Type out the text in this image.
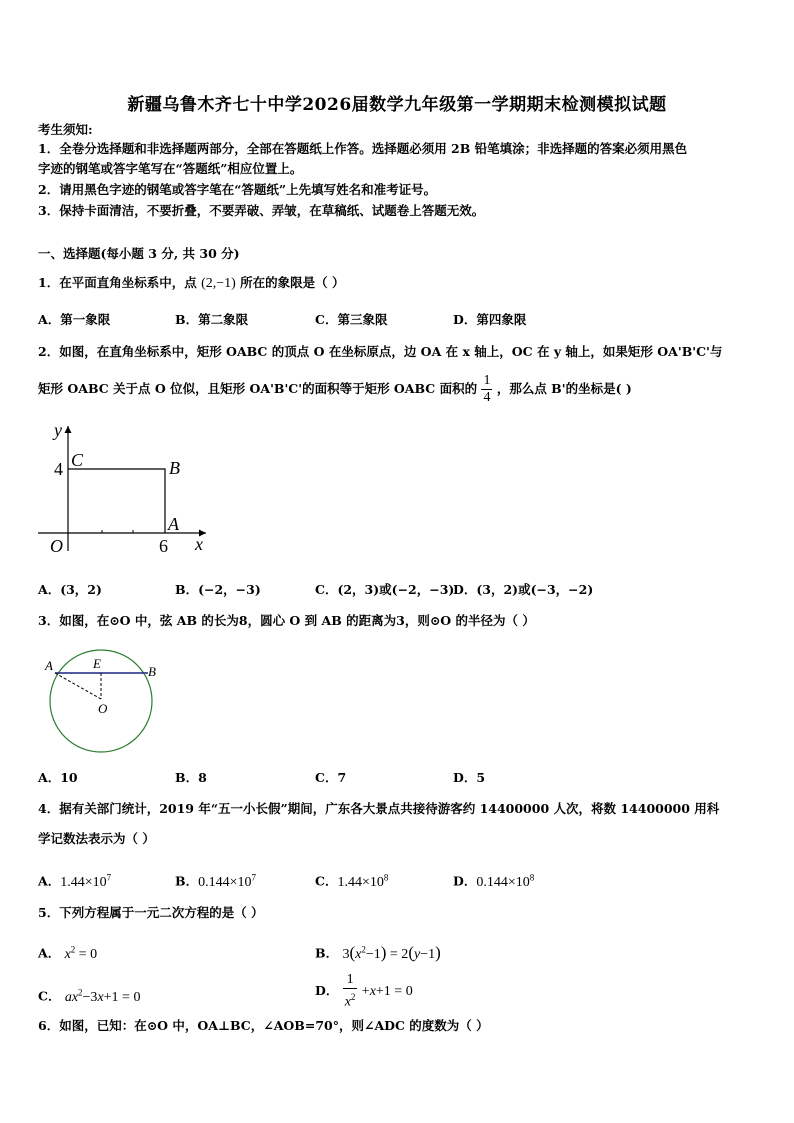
新疆乌鲁木齐七十中学2026届数学九年级第一学期期末检测模拟试题
考生须知:
1．全卷分选择题和非选择题两部分，全部在答题纸上作答。选择题必须用 2B 铅笔填涂；非选择题的答案必须用黑色
字迹的钢笔或答字笔写在“答题纸”相应位置上。
2．请用黑色字迹的钢笔或答字笔在“答题纸”上先填写姓名和准考证号。
3．保持卡面清洁，不要折叠，不要弄破、弄皱，在草稿纸、试题卷上答题无效。
一、选择题(每小题 3 分, 共 30 分)
1．在平面直角坐标系中，点 (2,−1) 所在的象限是（ ）
A．第一象限	B．第二象限	C．第三象限	D．第四象限
2．如图，在直角坐标系中，矩形 OABC 的顶点 O 在坐标原点，边 OA 在 x 轴上，OC 在 y 轴上，如果矩形 OA'B'C'与
矩形 OABC 关于点 O 位似，且矩形 OA'B'C'的面积等于矩形 OABC 面积的 $\frac{1}{4}$ ，那么点 B'的坐标是( )
y
4 C	B
A
O	6 x
A．(3，2)	B．(−2，−3)	C．(2，3)或(−2，−3)
D．(3，2)或(−3，−2)
3．如图，在⊙O 中，弦 AB 的长为8，圆心 O 到 AB 的距离为3，则⊙O 的半径为（ ）
A	E
B
O
A．10	B．8	C．7	D．5
4．据有关部门统计，2019 年“五一小长假”期间，广东各大景点共接待游客约 14400000 人次，将数 14400000 用科
学记数法表示为（ ）
A．$1.44\times 10^7$	B．$0.144\times 10^7$	C．$1.44\times 10^8$	D．$0.144\times 10^8$
5．下列方程属于一元二次方程的是（ ）
A． $x^2 = 0$	B． $3(x^2-1) = 2(y-1)$
C． $ax^2-3x+1 = 0$	D． $\frac{1}{x^2} +x+1 = 0$
6．如图，已知：在⊙O 中，OA⊥BC，∠AOB=70°，则∠ADC 的度数为（ ）
